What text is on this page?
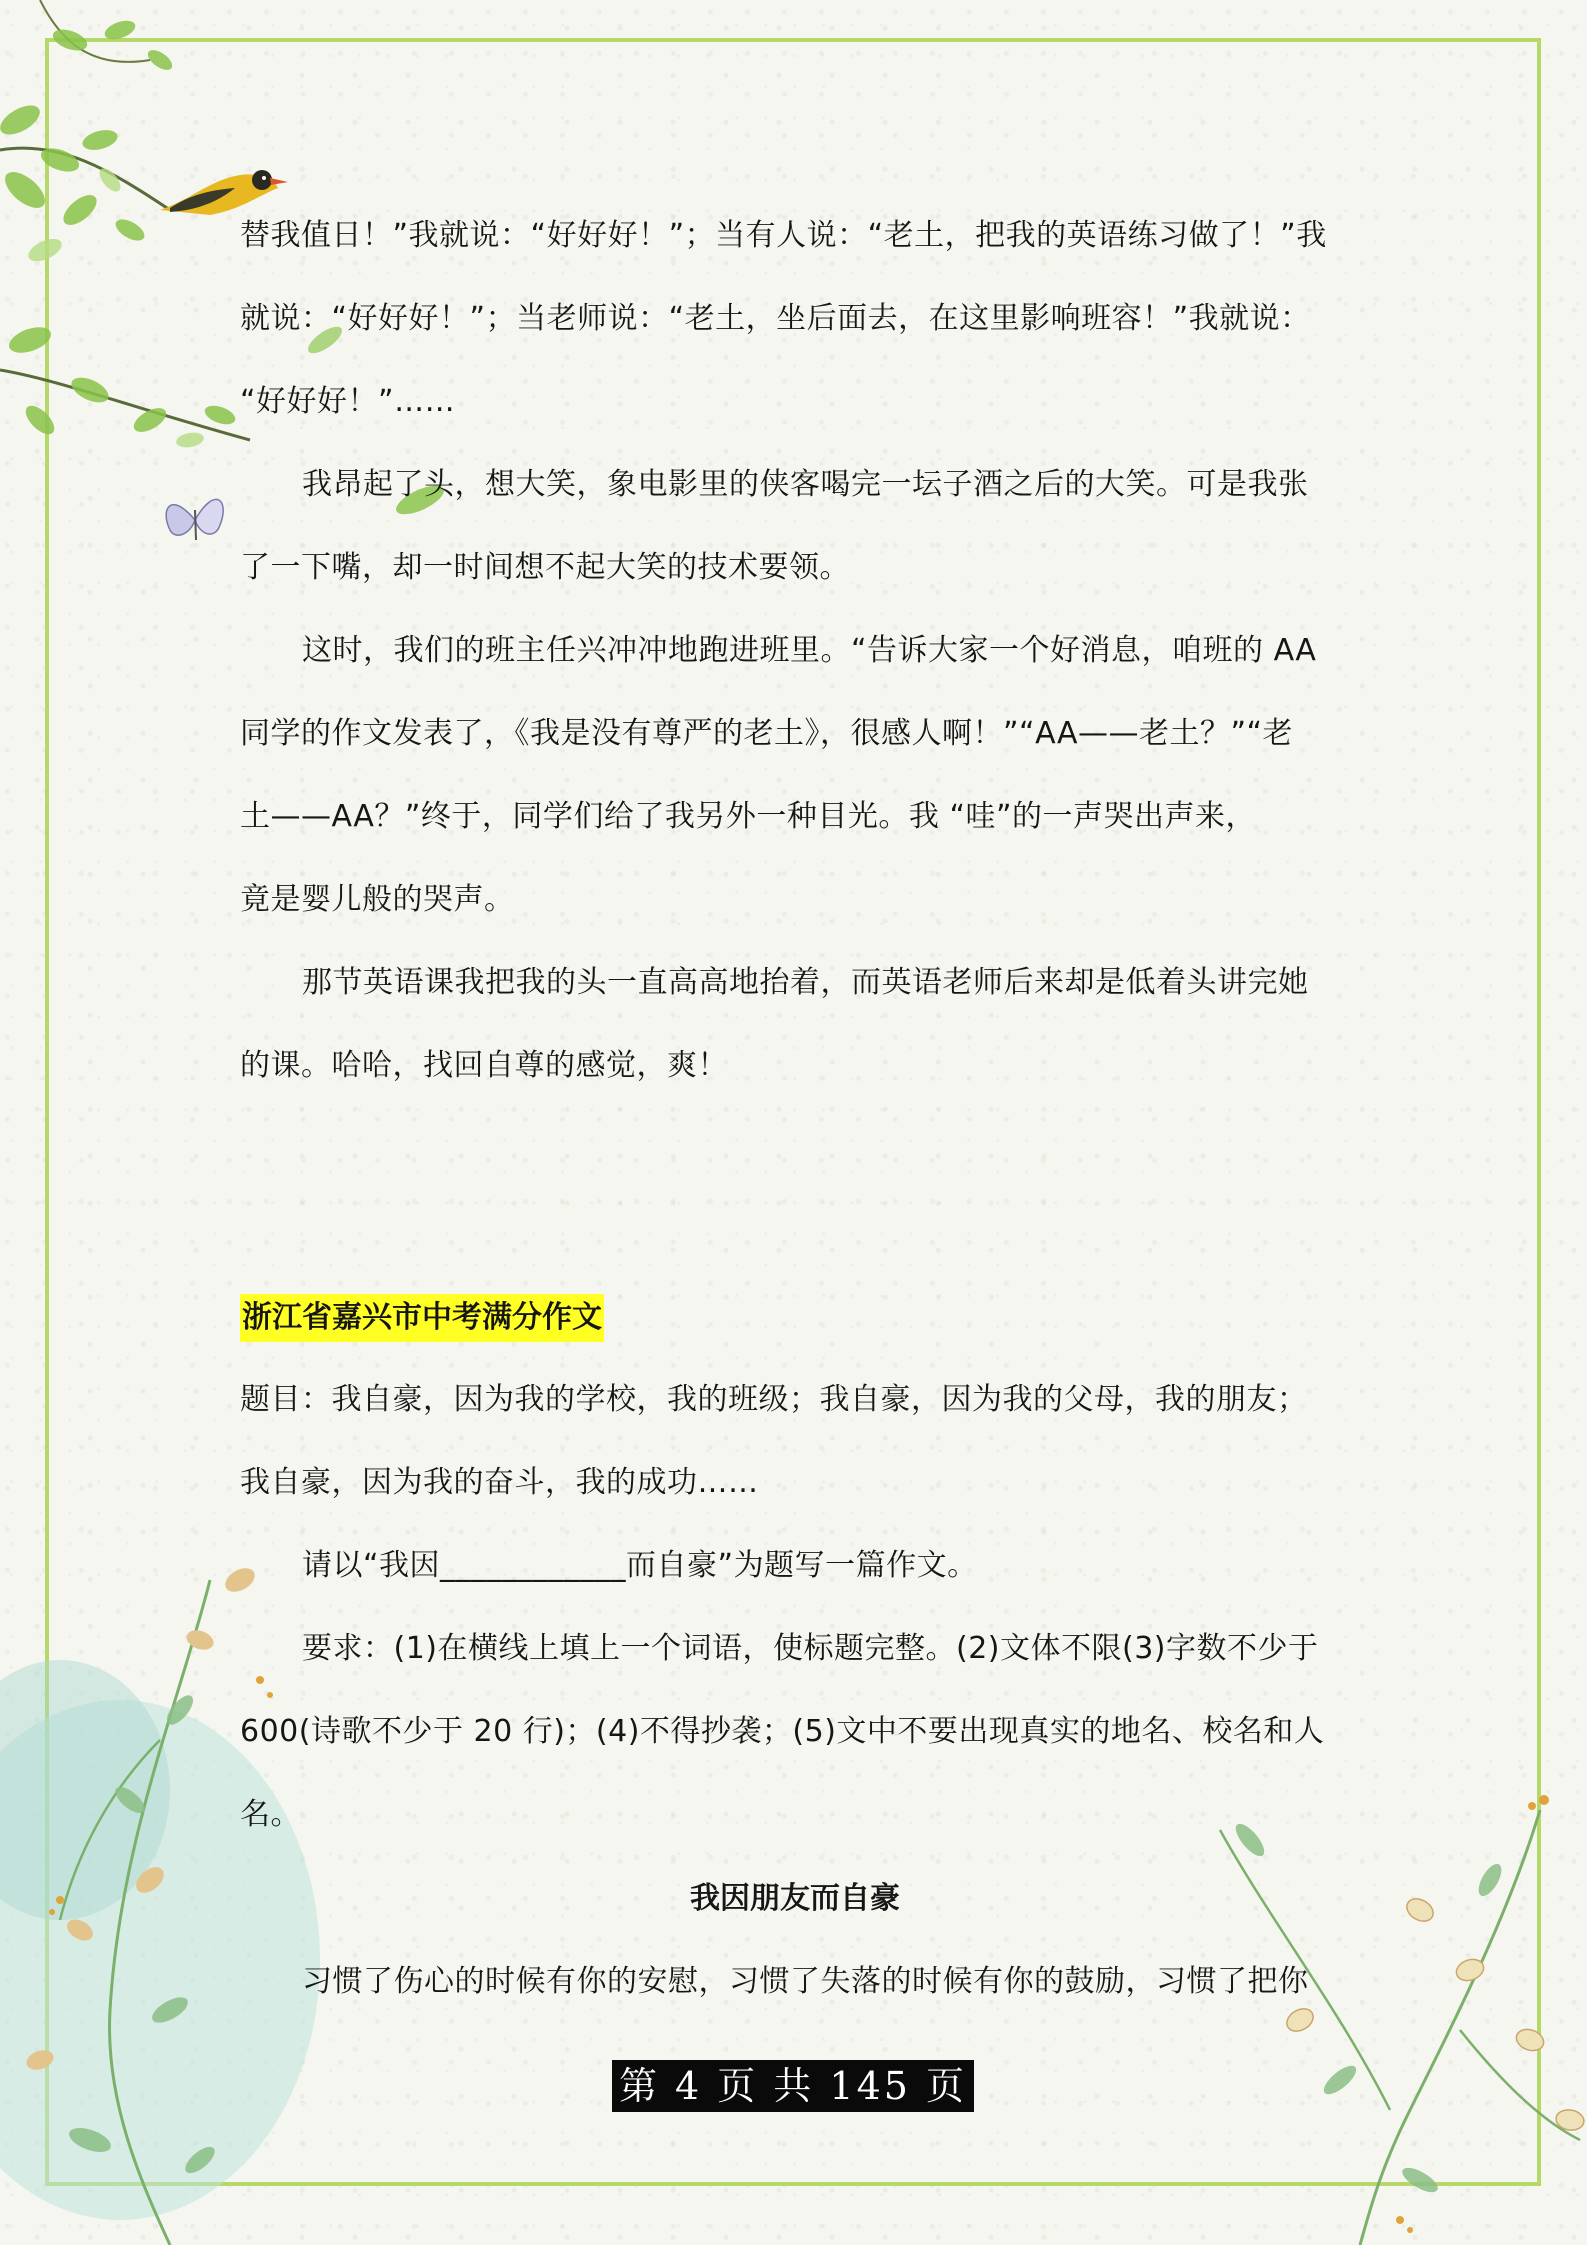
替我值日！”我就说：“好好好！”；当有人说：“老土，把我的英语练习做了！”我
就说：“好好好！”；当老师说：“老土，坐后面去，在这里影响班容！”我就说：
“好好好！”……
我昂起了头，想大笑，象电影里的侠客喝完一坛子酒之后的大笑。可是我张
了一下嘴，却一时间想不起大笑的技术要领。
这时，我们的班主任兴冲冲地跑进班里。“告诉大家一个好消息，咱班的 AA
同学的作文发表了，《我是没有尊严的老土》，很感人啊！”“AA——老土？”“老
土——AA？”终于，同学们给了我另外一种目光。我 “哇”的一声哭出声来，
竟是婴儿般的哭声。
那节英语课我把我的头一直高高地抬着，而英语老师后来却是低着头讲完她
的课。哈哈，找回自尊的感觉，爽！
浙江省嘉兴市中考满分作文
题目：我自豪，因为我的学校，我的班级；我自豪，因为我的父母，我的朋友；
我自豪，因为我的奋斗，我的成功……
请以“我因____________而自豪”为题写一篇作文。
要求：(1)在横线上填上一个词语，使标题完整。(2)文体不限(3)字数不少于
600(诗歌不少于 20 行)；(4)不得抄袭；(5)文中不要出现真实的地名、校名和人
名。
我因朋友而自豪
习惯了伤心的时候有你的安慰，习惯了失落的时候有你的鼓励，习惯了把你
第 4 页 共 145 页
